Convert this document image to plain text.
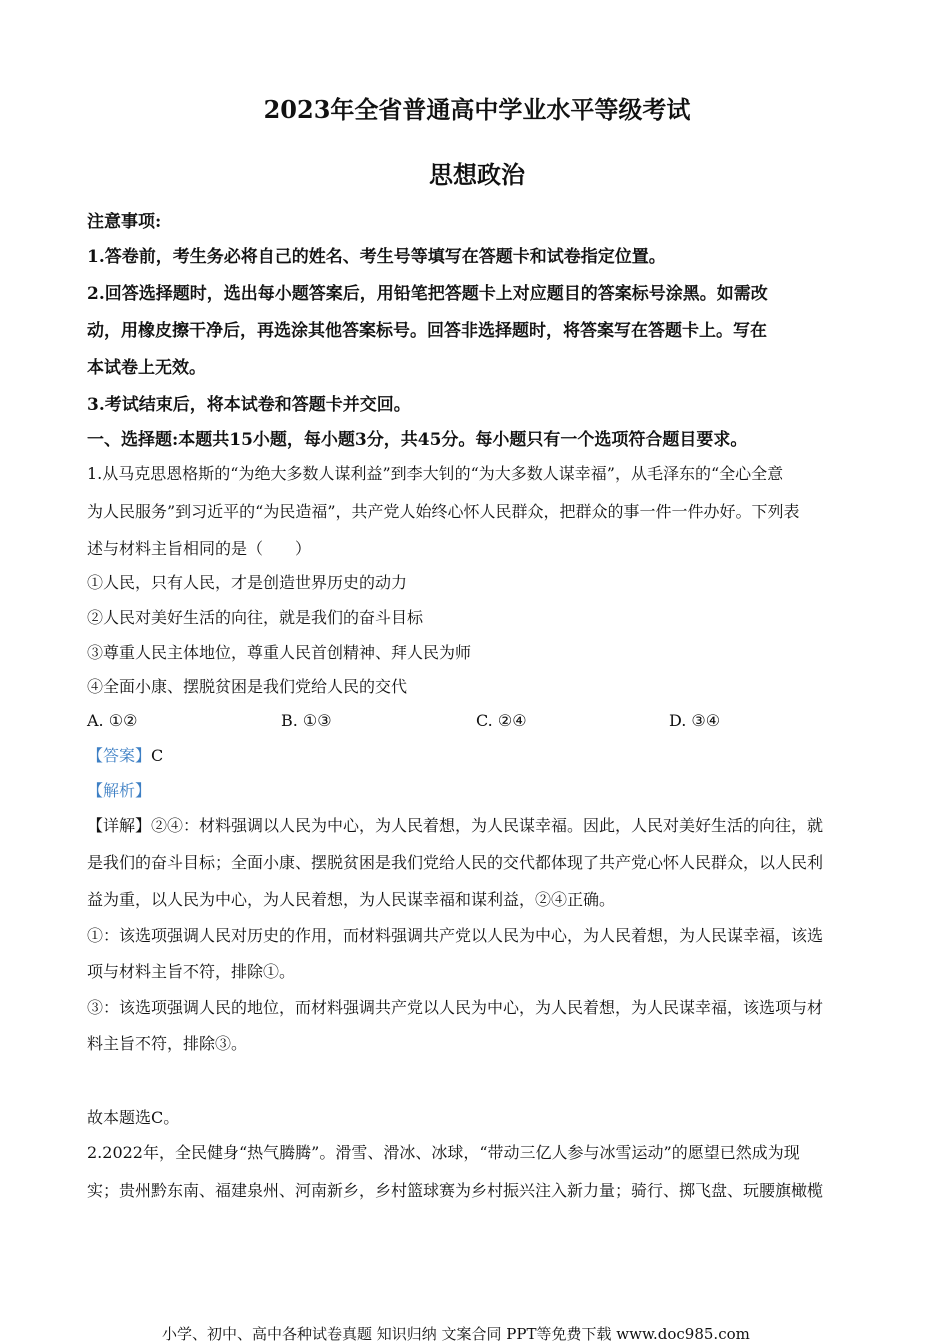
2023年全省普通高中学业水平等级考试
思想政治
注意事项:
1.答卷前，考生务必将自己的姓名、考生号等填写在答题卡和试卷指定位置。
2.回答选择题时，选出每小题答案后，用铅笔把答题卡上对应题目的答案标号涂黑。如需改
动，用橡皮擦干净后，再选涂其他答案标号。回答非选择题时，将答案写在答题卡上。写在
本试卷上无效。
3.考试结束后，将本试卷和答题卡并交回。
一、选择题:本题共15小题，每小题3分，共45分。每小题只有一个选项符合题目要求。
1.从马克思恩格斯的“为绝大多数人谋利益”到李大钊的“为大多数人谋幸福”，从毛泽东的“全心全意
为人民服务”到习近平的“为民造福”，共产党人始终心怀人民群众，把群众的事一件一件办好。下列表
述与材料主旨相同的是（　　）
①人民，只有人民，才是创造世界历史的动力
②人民对美好生活的向往，就是我们的奋斗目标
③尊重人民主体地位，尊重人民首创精神、拜人民为师
④全面小康、摆脱贫困是我们党给人民的交代
A. ①②	B. ①③	C. ②④	D. ③④
【答案】C
【解析】
【详解】②④：材料强调以人民为中心，为人民着想，为人民谋幸福。因此，人民对美好生活的向往，就
是我们的奋斗目标；全面小康、摆脱贫困是我们党给人民的交代都体现了共产党心怀人民群众，以人民利
益为重，以人民为中心，为人民着想，为人民谋幸福和谋利益，②④正确。
①：该选项强调人民对历史的作用，而材料强调共产党以人民为中心，为人民着想，为人民谋幸福，该选
项与材料主旨不符，排除①。
③：该选项强调人民的地位，而材料强调共产党以人民为中心，为人民着想，为人民谋幸福，该选项与材
料主旨不符，排除③。
故本题选C。
2.2022年，全民健身“热气腾腾”。滑雪、滑冰、冰球，“带动三亿人参与冰雪运动”的愿望已然成为现
实；贵州黔东南、福建泉州、河南新乡，乡村篮球赛为乡村振兴注入新力量；骑行、掷飞盘、玩腰旗橄榄
小学、初中、高中各种试卷真题 知识归纳 文案合同 PPT等免费下载 www.doc985.com
